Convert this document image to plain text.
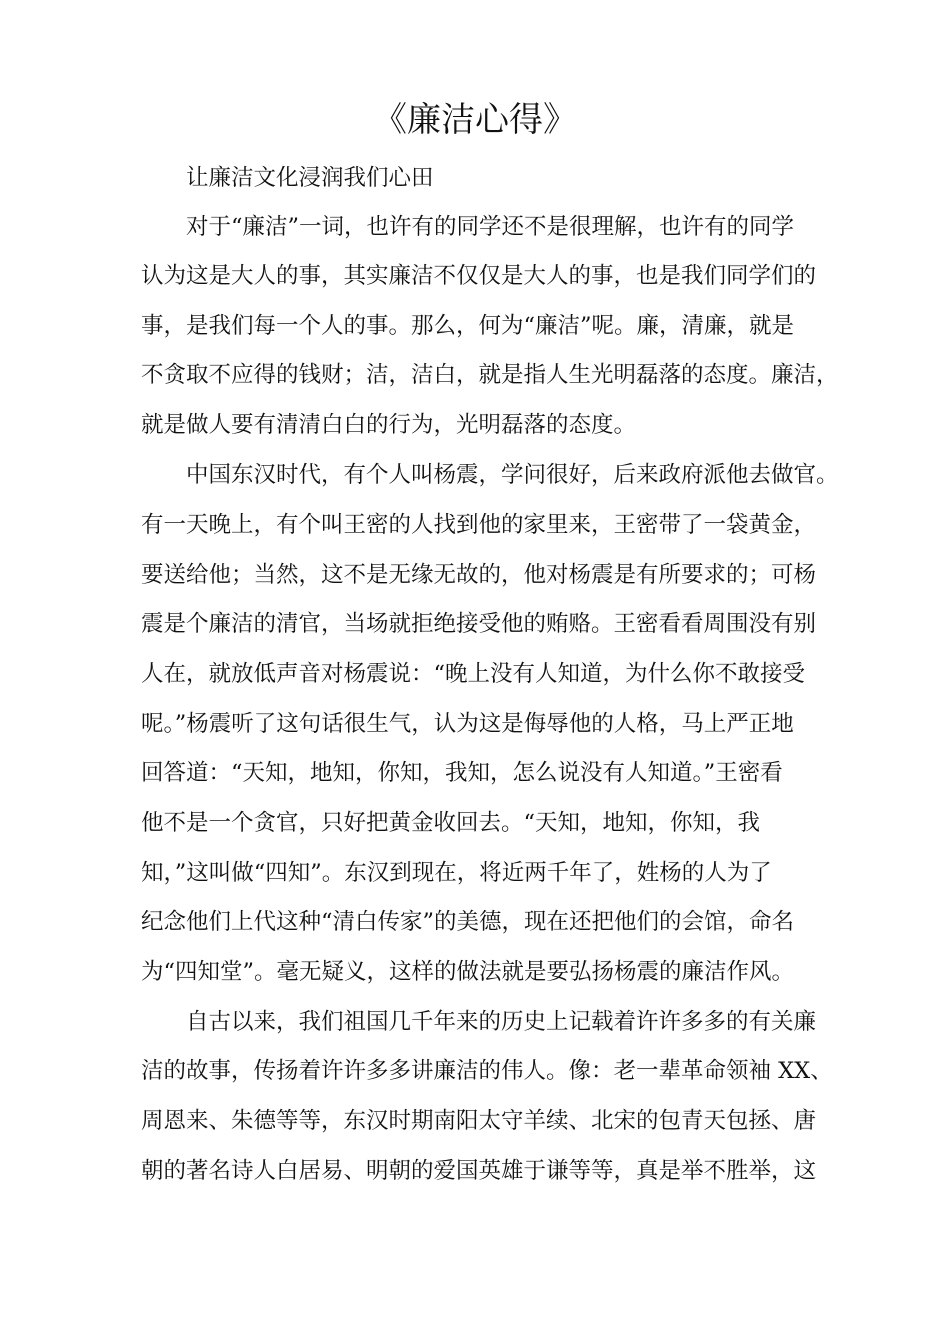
《廉洁心得》
让廉洁文化浸润我们心田
对于“廉洁”一词，也许有的同学还不是很理解，也许有的同学
认为这是大人的事，其实廉洁不仅仅是大人的事，也是我们同学们的
事，是我们每一个人的事。那么，何为“廉洁”呢。廉，清廉，就是
不贪取不应得的钱财；洁，洁白，就是指人生光明磊落的态度。廉洁，
就是做人要有清清白白的行为，光明磊落的态度。
中国东汉时代，有个人叫杨震，学问很好，后来政府派他去做官。
有一天晚上，有个叫王密的人找到他的家里来，王密带了一袋黄金，
要送给他；当然，这不是无缘无故的，他对杨震是有所要求的；可杨
震是个廉洁的清官，当场就拒绝接受他的贿赂。王密看看周围没有别
人在，就放低声音对杨震说：“晚上没有人知道，为什么你不敢接受
呢。”杨震听了这句话很生气，认为这是侮辱他的人格，马上严正地
回答道：“天知，地知，你知，我知，怎么说没有人知道。”王密看
他不是一个贪官，只好把黄金收回去。“天知，地知，你知，我
知，”这叫做“四知”。东汉到现在，将近两千年了，姓杨的人为了
纪念他们上代这种“清白传家”的美德，现在还把他们的会馆，命名
为“四知堂”。毫无疑义，这样的做法就是要弘扬杨震的廉洁作风。
自古以来，我们祖国几千年来的历史上记载着许许多多的有关廉
洁的故事，传扬着许许多多讲廉洁的伟人。像：老一辈革命领袖 XX、
周恩来、朱德等等，东汉时期南阳太守羊续、北宋的包青天包拯、唐
朝的著名诗人白居易、明朝的爱国英雄于谦等等，真是举不胜举，这
